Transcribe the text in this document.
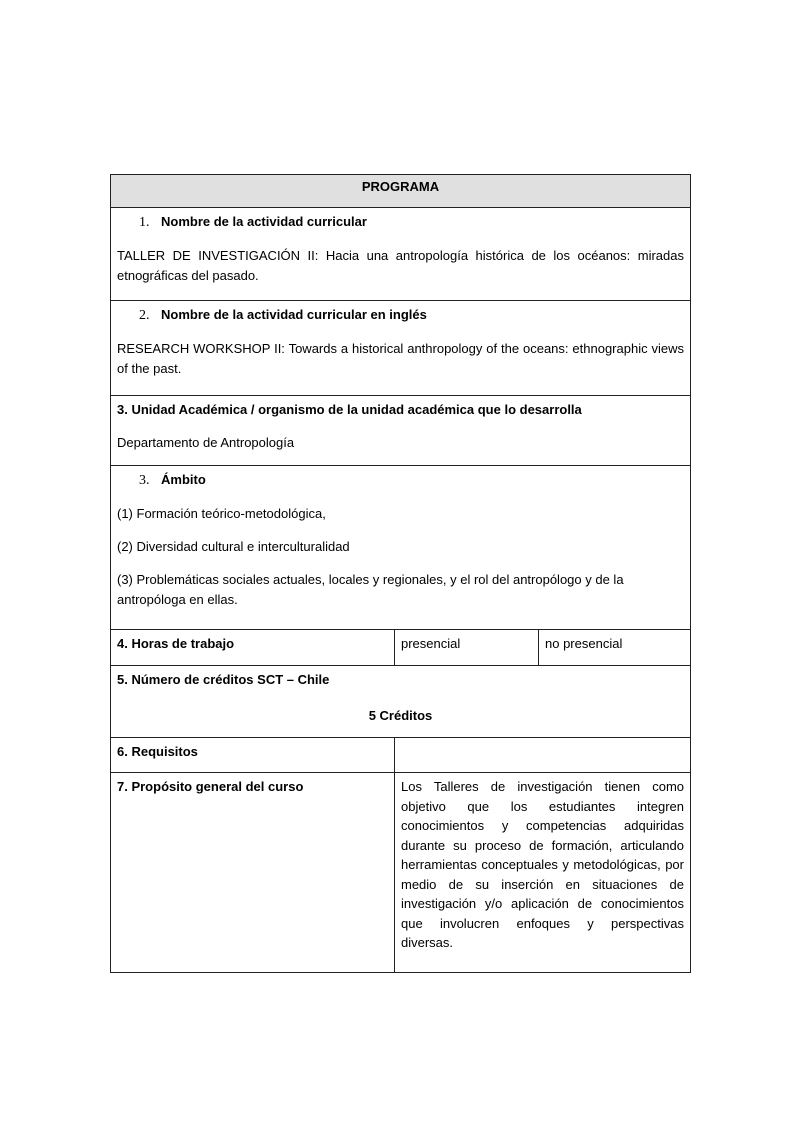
PROGRAMA		

1. Nombre de la actividad curricular

TALLER DE INVESTIGACIÓN II: Hacia una antropología histórica de los océanos: miradas etnográficas del pasado.		

2. Nombre de la actividad curricular en inglés

RESEARCH WORKSHOP II: Towards a historical anthropology of the oceans: ethnographic views of the past.		

3. Unidad Académica / organismo de la unidad académica que lo desarrolla

Departamento de Antropología		

3. Ámbito

(1) Formación teórico-metodológica,

(2) Diversidad cultural e interculturalidad

(3) Problemáticas sociales actuales, locales y regionales, y el rol del antropólogo y de la antropóloga en ellas.		

4. Horas de trabajo	presencial	no presencial

5. Número de créditos SCT – Chile

5 Créditos		

6. Requisitos		
7. Propósito general del curso	Los Talleres de investigación tienen como objetivo que los estudiantes integren conocimientos y competencias adquiridas durante su proceso de formación, articulando herramientas conceptuales y metodológicas, por medio de su inserción en situaciones de investigación y/o aplicación de conocimientos que involucren enfoques y perspectivas diversas.	
